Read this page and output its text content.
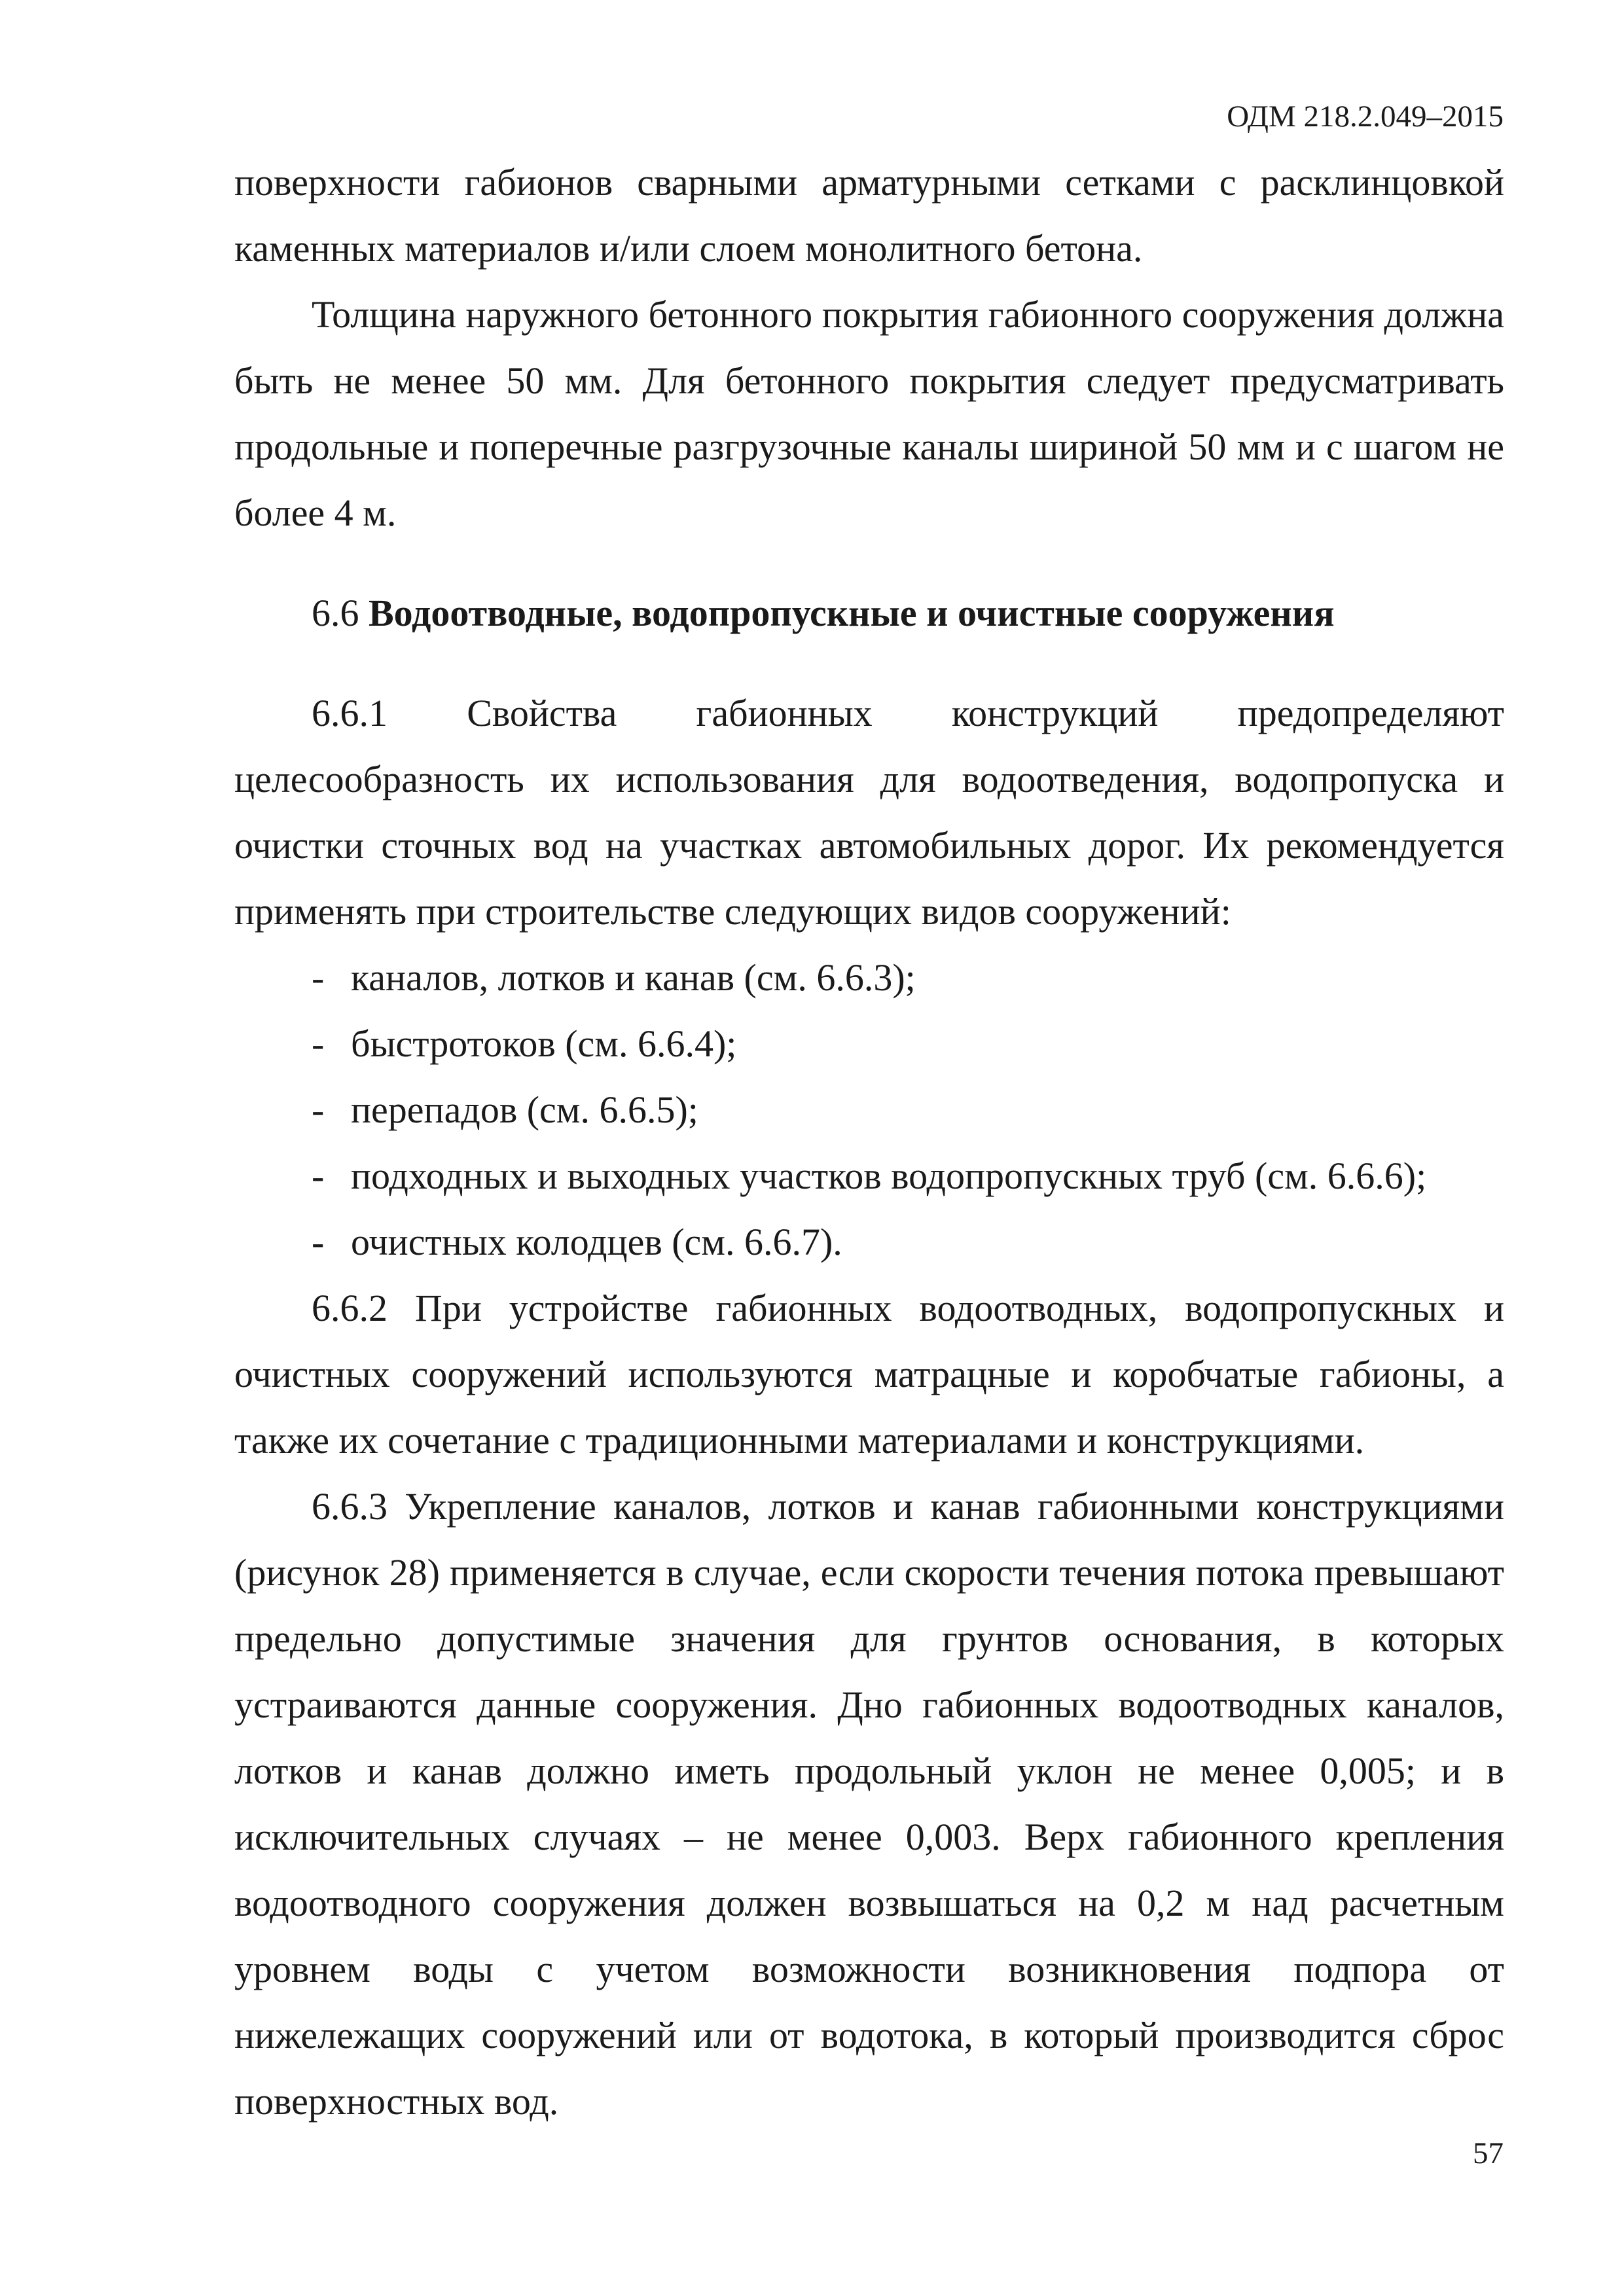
ОДМ 218.2.049–2015

поверхности габионов сварными арматурными сетками с расклинцовкой каменных материалов и/или слоем монолитного бетона.

Толщина наружного бетонного покрытия габионного сооружения должна быть не менее 50 мм. Для бетонного покрытия следует предусматривать продольные и поперечные разгрузочные каналы шириной 50 мм и с шагом не более 4 м.

6.6 Водоотводные, водопропускные и очистные сооружения

6.6.1 Свойства габионных конструкций предопределяют целесообразность их использования для водоотведения, водопропуска и очистки сточных вод на участках автомобильных дорог. Их рекомендуется применять при строительстве следующих видов сооружений:

- каналов, лотков и канав (см. 6.6.3);
- быстротоков (см. 6.6.4);
- перепадов (см. 6.6.5);
- подходных и выходных участков водопропускных труб (см. 6.6.6);
- очистных колодцев (см. 6.6.7).

6.6.2 При устройстве габионных водоотводных, водопропускных и очистных сооружений используются матрацные и коробчатые габионы, а также их сочетание с традиционными материалами и конструкциями.

6.6.3 Укрепление каналов, лотков и канав габионными конструкциями (рисунок 28) применяется в случае, если скорости течения потока превышают предельно допустимые значения для грунтов основания, в которых устраиваются данные сооружения. Дно габионных водоотводных каналов, лотков и канав должно иметь продольный уклон не менее 0,005; и в исключительных случаях – не менее 0,003. Верх габионного крепления водоотводного сооружения должен возвышаться на 0,2 м над расчетным уровнем воды с учетом возможности возникновения подпора от нижележащих сооружений или от водотока, в который производится сброс поверхностных вод.

57
